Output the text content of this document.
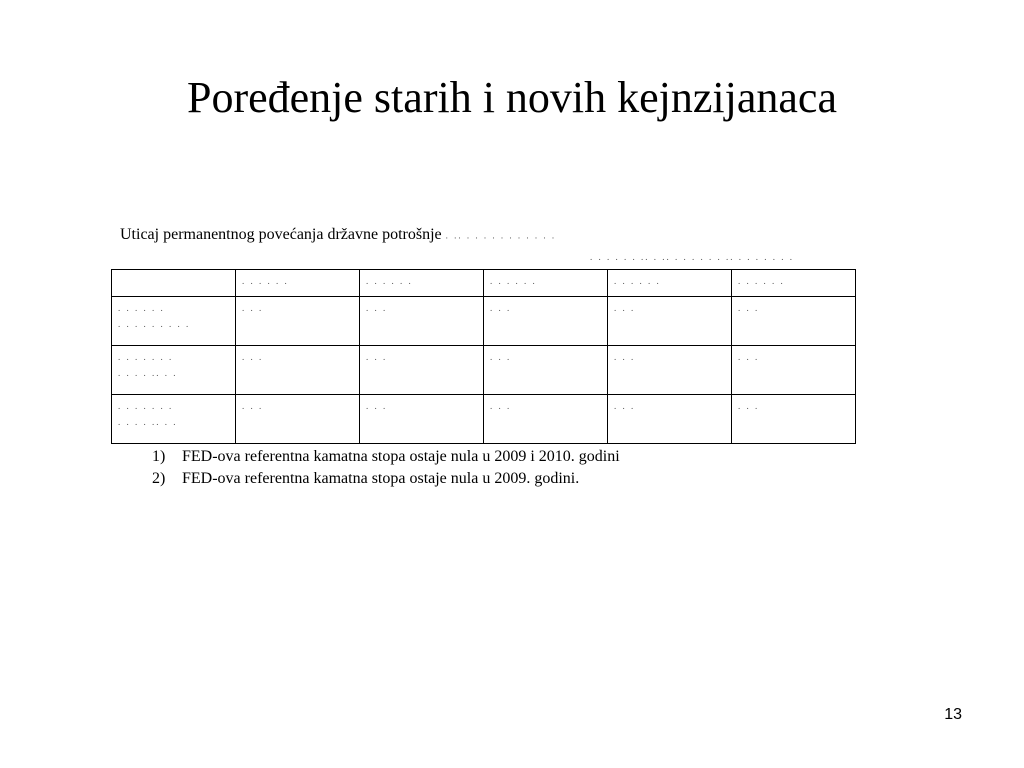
Poređenje starih i novih kejnzijanaca
Uticaj permanentnog povećanja državne potrošnje . .. . . . . . . . . . . .
. . . . . . .. . .. . . . . . . .. . . . . . . .
	. . . . . .	. . . . . .	. . . . . .	. . . . . .	. . . . . .
. . . . . .
. . . . . . . . .	. . .	. . .	. . .	. . .	. . .
. . . . . . .
. . . . .. . .	. . .	. . .	. . .	. . .	. . .
. . . . . . .
. . . . .. . .	. . .	. . .	. . .	. . .	. . .
1) FED-ova referentna kamatna stopa ostaje nula u 2009 i 2010. godini
2) FED-ova referentna kamatna stopa ostaje nula u 2009. godini.
13
